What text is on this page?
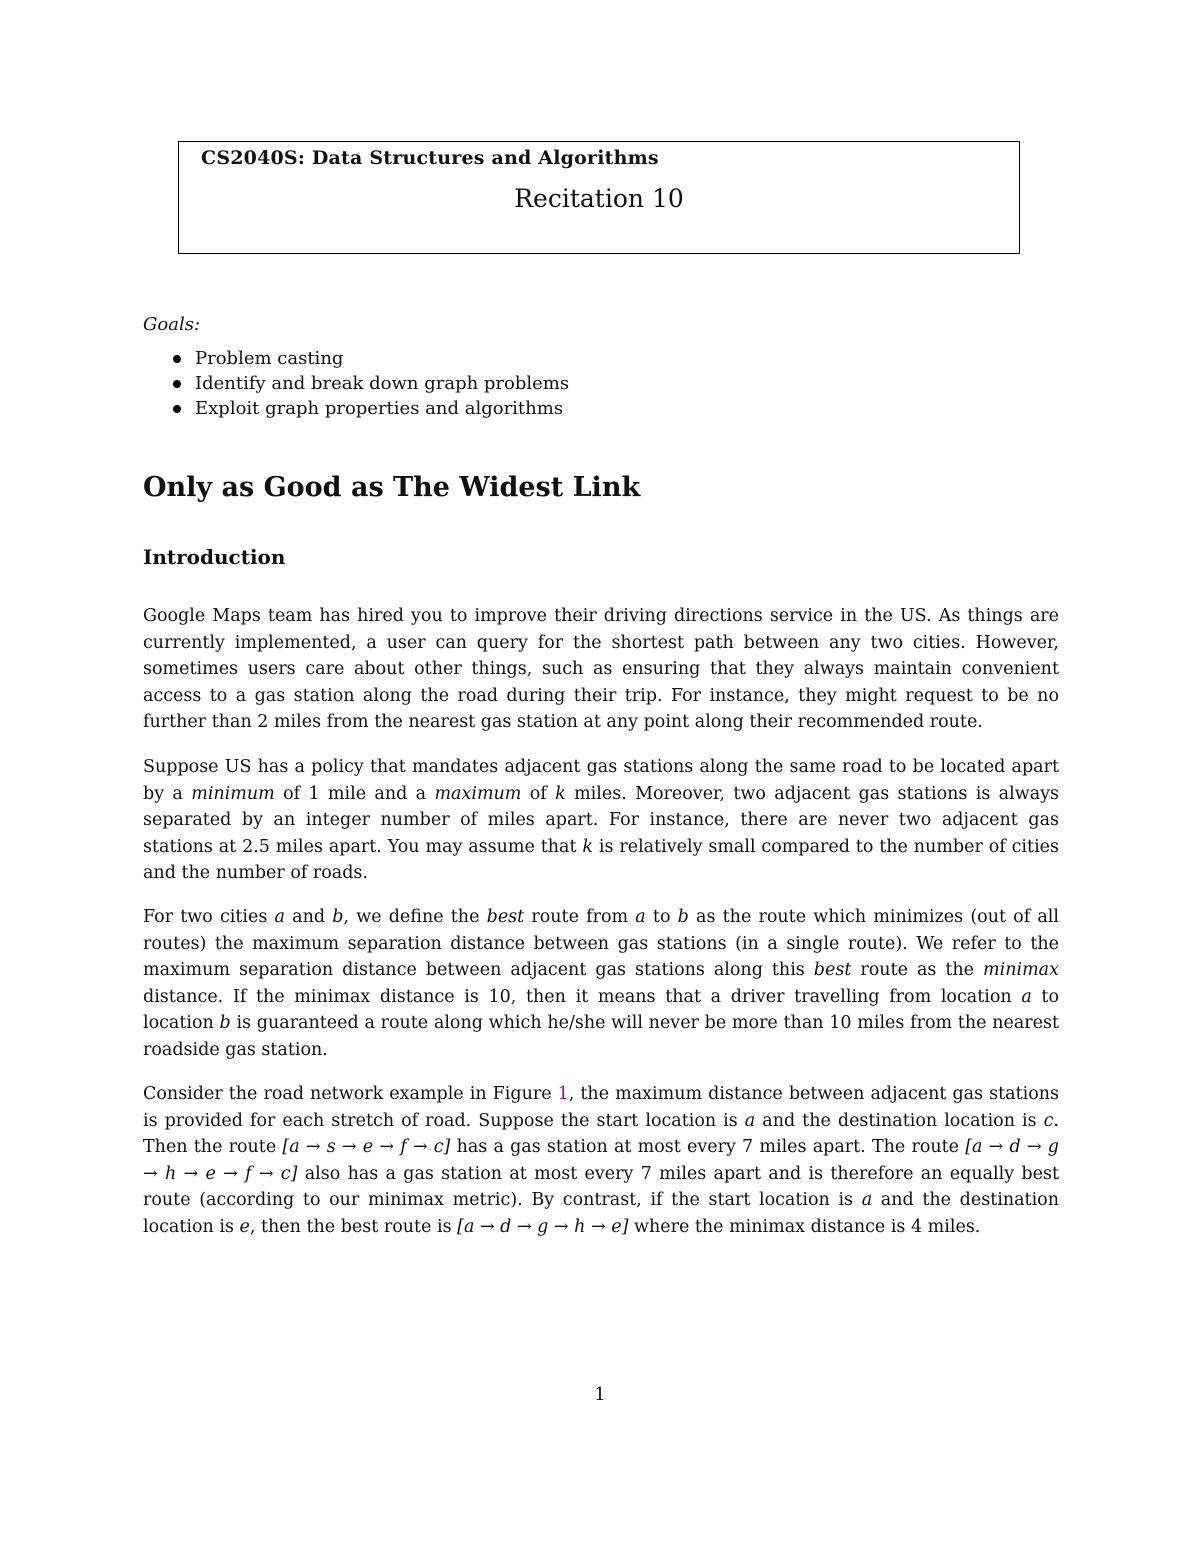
CS2040S: Data Structures and Algorithms
Recitation 10
Goals:
Problem casting
Identify and break down graph problems
Exploit graph properties and algorithms
Only as Good as The Widest Link
Introduction

Google Maps team has hired you to improve their driving directions service in the US. As things are currently implemented, a user can query for the shortest path between any two cities. However, sometimes users care about other things, such as ensuring that they always maintain convenient access to a gas station along the road during their trip. For instance, they might request to be no further than 2 miles from the nearest gas station at any point along their recommended route.

Suppose US has a policy that mandates adjacent gas stations along the same road to be located apart by a minimum of 1 mile and a maximum of k miles. Moreover, two adjacent gas stations is always separated by an integer number of miles apart. For instance, there are never two adjacent gas stations at 2.5 miles apart. You may assume that k is relatively small compared to the number of cities and the number of roads.

For two cities a and b, we define the best route from a to b as the route which minimizes (out of all routes) the maximum separation distance between gas stations (in a single route). We refer to the maximum separation distance between adjacent gas stations along this best route as the minimax distance. If the minimax distance is 10, then it means that a driver travelling from location a to location b is guaranteed a route along which he/she will never be more than 10 miles from the nearest roadside gas station.

Consider the road network example in Figure 1, the maximum distance between adjacent gas stations is provided for each stretch of road. Suppose the start location is a and the destination location is c. Then the route [a → s → e → f → c] has a gas station at most every 7 miles apart. The route [a → d → g → h → e → f → c] also has a gas station at most every 7 miles apart and is therefore an equally best route (according to our minimax metric). By contrast, if the start location is a and the destination location is e, then the best route is [a → d → g → h → e] where the minimax distance is 4 miles.

1
